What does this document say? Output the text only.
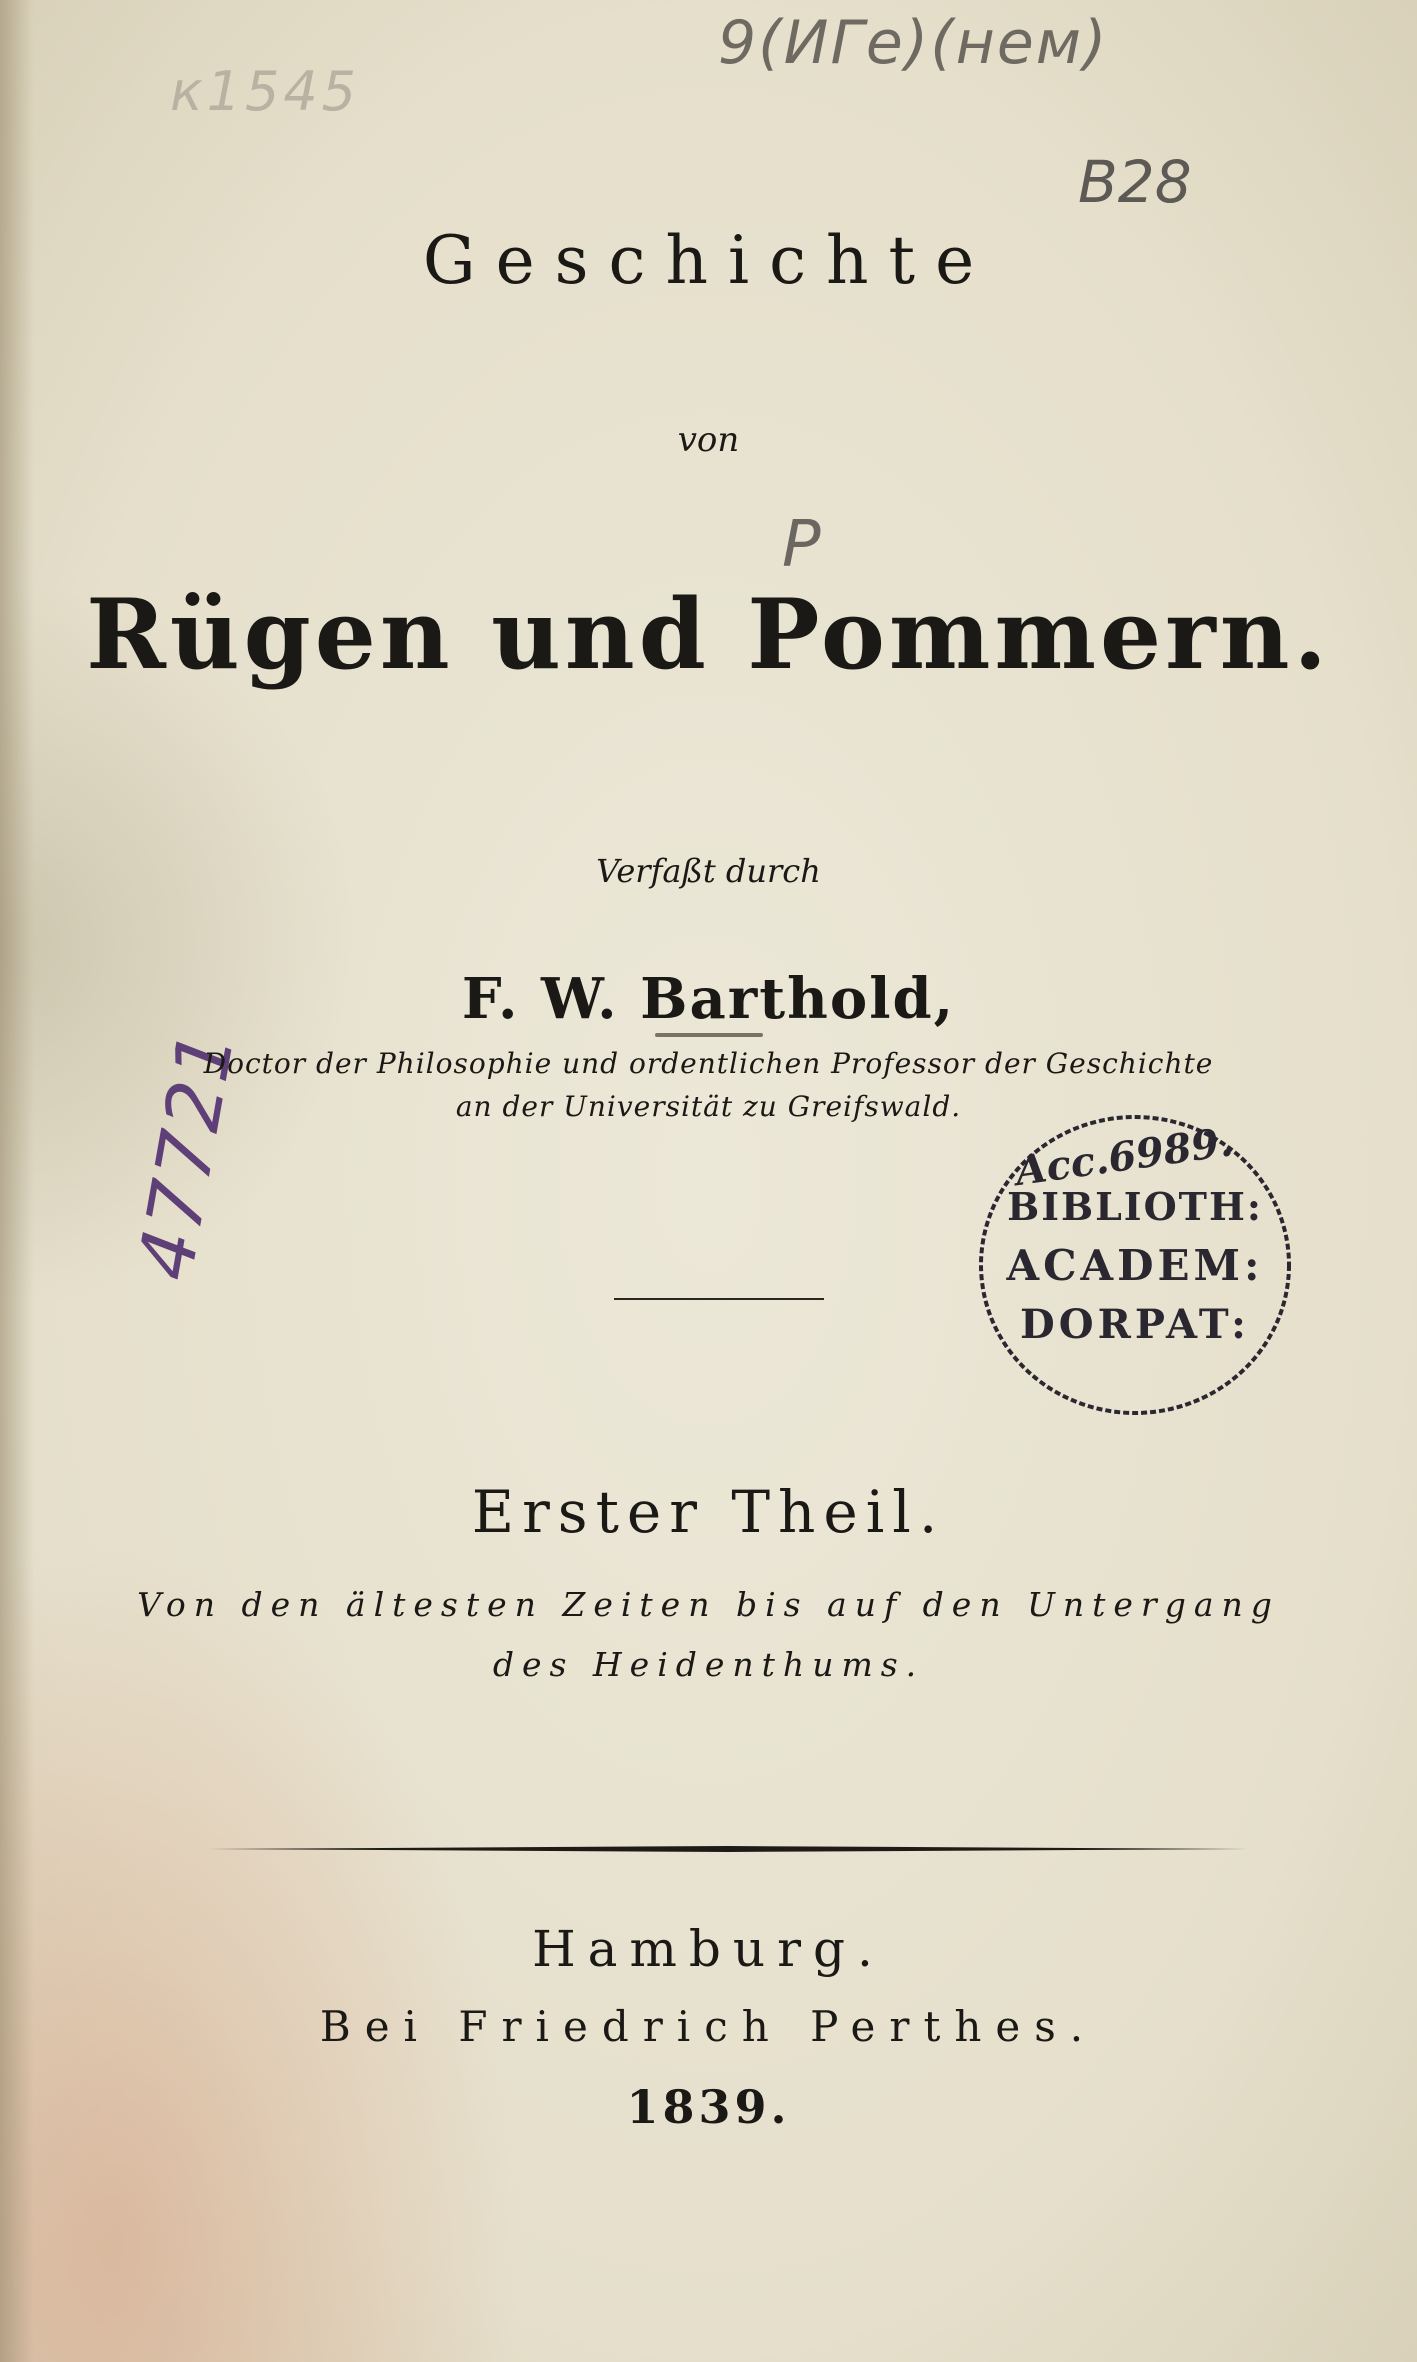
к1545
9(ИГе)(нем)
B28
P
47721
Geschichte
von
Rügen und Pommern.
Verfaßt durch
F. W. Barthold,
Doctor der Philosophie und ordentlichen Professor der Geschichte
an der Universität zu Greifswald.
Acc.6989.
BIBLIOTH:
ACADEM:
DORPAT:
Erster Theil.
Von den ältesten Zeiten bis auf den Untergang
des Heidenthums.
Hamburg.
Bei Friedrich Perthes.
1839.
